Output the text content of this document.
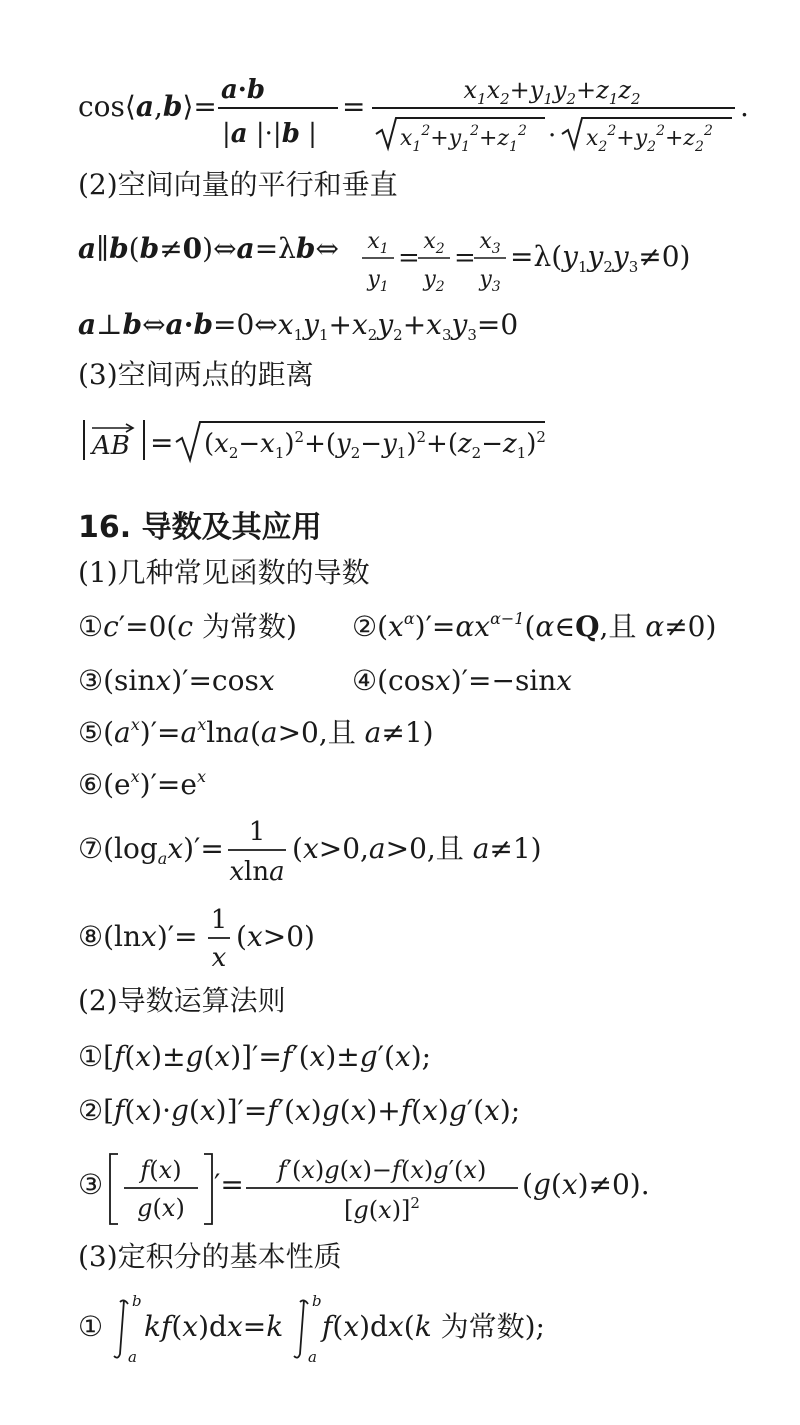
cos⟨a,b⟩= a·b
|a |·|b |
=	$x_1x_2+y_1y_2+z_1z_2$
$x_1^2+y_1^2+z_1^2 \cdot x_2^2+y_2^2+z_2^2$
.
(2)空间向量的平行和垂直
a∥b(b≠0)⇔a=λb⇔ $x_1$
$y_1$
=
$x_2$
$y_2$
=
$x_3$
$y_3$
$=\lambda(y_1y_2y_3\ne 0)$
$a\perp b\Leftrightarrow a\cdot b=0\Leftrightarrow x_1y_1+x_2y_2+x_3y_3=0$
(3)空间两点的距离
AB = $(x_2-x_1)^2+(y_2-y_1)^2+(z_2-z_1)^2$
16. 导数及其应用
(1)几种常见函数的导数
①c′=0(c 为常数) $②(x^\alpha)'=\alpha x^{\alpha-1}(\alpha\in Q$,且 α≠0)
③(sinx)′=cosx	④(cosx)′=−sinx
$⑤(a^x)'=a^x\ln a(a>0$,且 a≠1)
$⑥(e^x)'=e^x$
$⑦(\log_ax)'= 1$
xlna
(x>0,a>0,且 a≠1)
⑧(lnx)′= 1
x
(x>0)
(2)导数运算法则
①[f(x)±g(x)]′=f′(x)±g′(x);
②[f(x)·g(x)]′=f′(x)g(x)+f(x)g′(x);
③ f(x)
g(x)
′= f′(x)g(x)−f(x)g′(x)
$[g(x)]^2$
(g(x)≠0).
(3)定积分的基本性质
①
b
a
kf(x)dx=k
b
a
f(x)dx(k 为常数);
